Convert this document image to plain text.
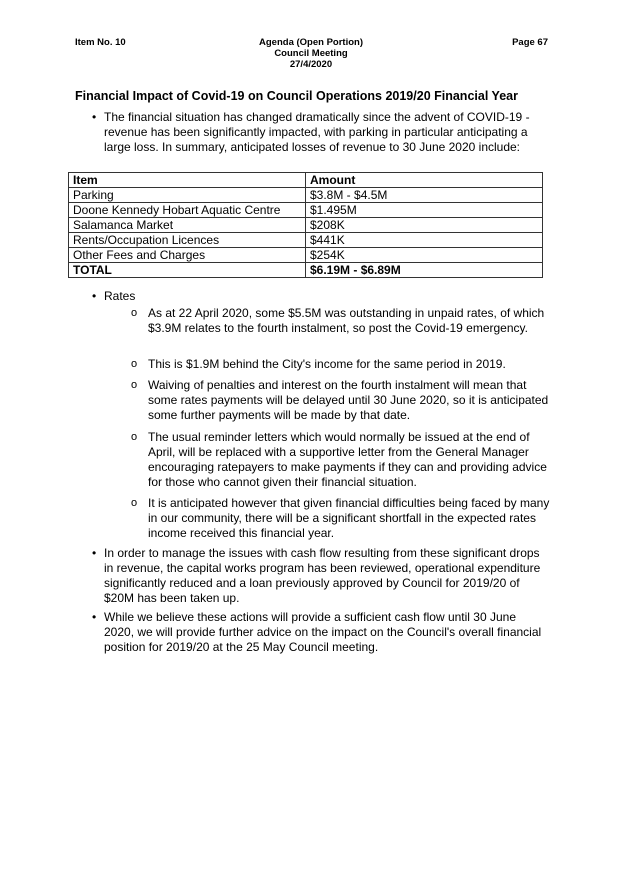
Item No. 10	Agenda (Open Portion)
Council Meeting
27/4/2020
Page 67
Financial Impact of Covid-19 on Council Operations 2019/20 Financial Year
• The financial situation has changed dramatically since the advent of COVID-19 - revenue has been significantly impacted, with parking in particular anticipating a large loss. In summary, anticipated losses of revenue to 30 June 2020 include:
Item	Amount
Parking	$3.8M - $4.5M
Doone Kennedy Hobart Aquatic Centre	$1.495M
Salamanca Market	$208K
Rents/Occupation Licences	$441K
Other Fees and Charges	$254K
TOTAL	$6.19M - $6.89M
• Rates
o As at 22 April 2020, some $5.5M was outstanding in unpaid rates, of which $3.9M relates to the fourth instalment, so post the Covid-19 emergency.
o This is $1.9M behind the City's income for the same period in 2019.
o Waiving of penalties and interest on the fourth instalment will mean that some rates payments will be delayed until 30 June 2020, so it is anticipated some further payments will be made by that date.
o The usual reminder letters which would normally be issued at the end of April, will be replaced with a supportive letter from the General Manager encouraging ratepayers to make payments if they can and providing advice for those who cannot given their financial situation.
o It is anticipated however that given financial difficulties being faced by many in our community, there will be a significant shortfall in the expected rates income received this financial year.
• In order to manage the issues with cash flow resulting from these significant drops in revenue, the capital works program has been reviewed, operational expenditure significantly reduced and a loan previously approved by Council for 2019/20 of $20M has been taken up.
• While we believe these actions will provide a sufficient cash flow until 30 June 2020, we will provide further advice on the impact on the Council's overall financial position for 2019/20 at the 25 May Council meeting.
